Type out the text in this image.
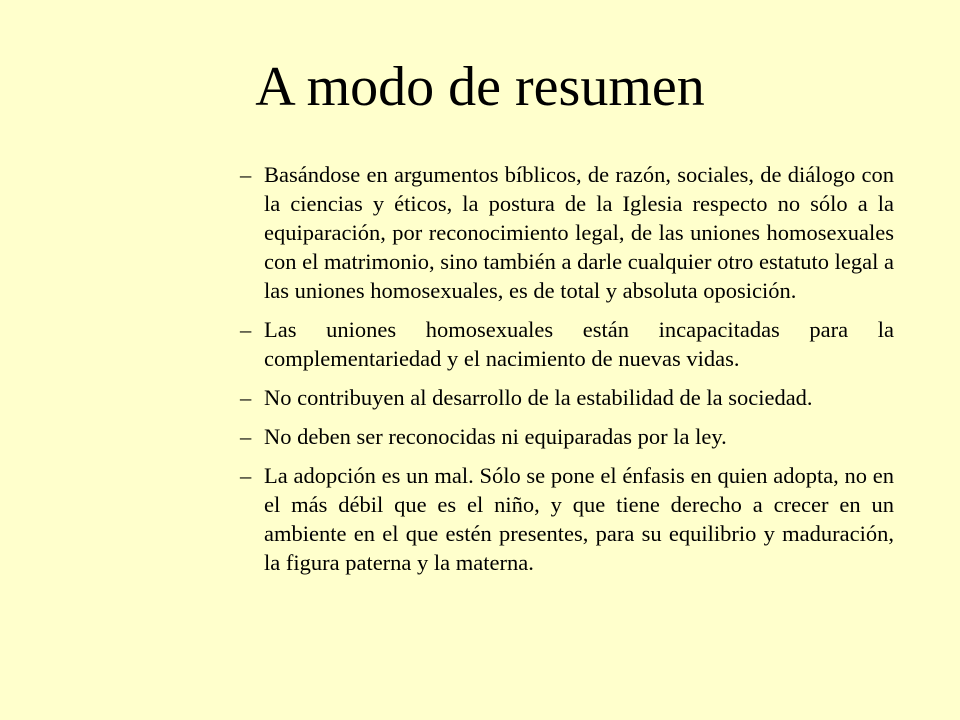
A modo de resumen
– Basándose en argumentos bíblicos, de razón, sociales, de diálogo con la ciencias y éticos, la postura de la Iglesia respecto no sólo a la equiparación, por reconocimiento legal, de las uniones homosexuales con el matrimonio, sino también a darle cualquier otro estatuto legal a las uniones homosexuales, es de total y absoluta oposición.
– Las uniones homosexuales están incapacitadas para la complementariedad y el nacimiento de nuevas vidas.
– No contribuyen al desarrollo de la estabilidad de la sociedad.
– No deben ser reconocidas ni equiparadas por la ley.
– La adopción es un mal. Sólo se pone el énfasis en quien adopta, no en el más débil que es el niño, y que tiene derecho a crecer en un ambiente en el que estén presentes, para su equilibrio y maduración, la figura paterna y la materna.
